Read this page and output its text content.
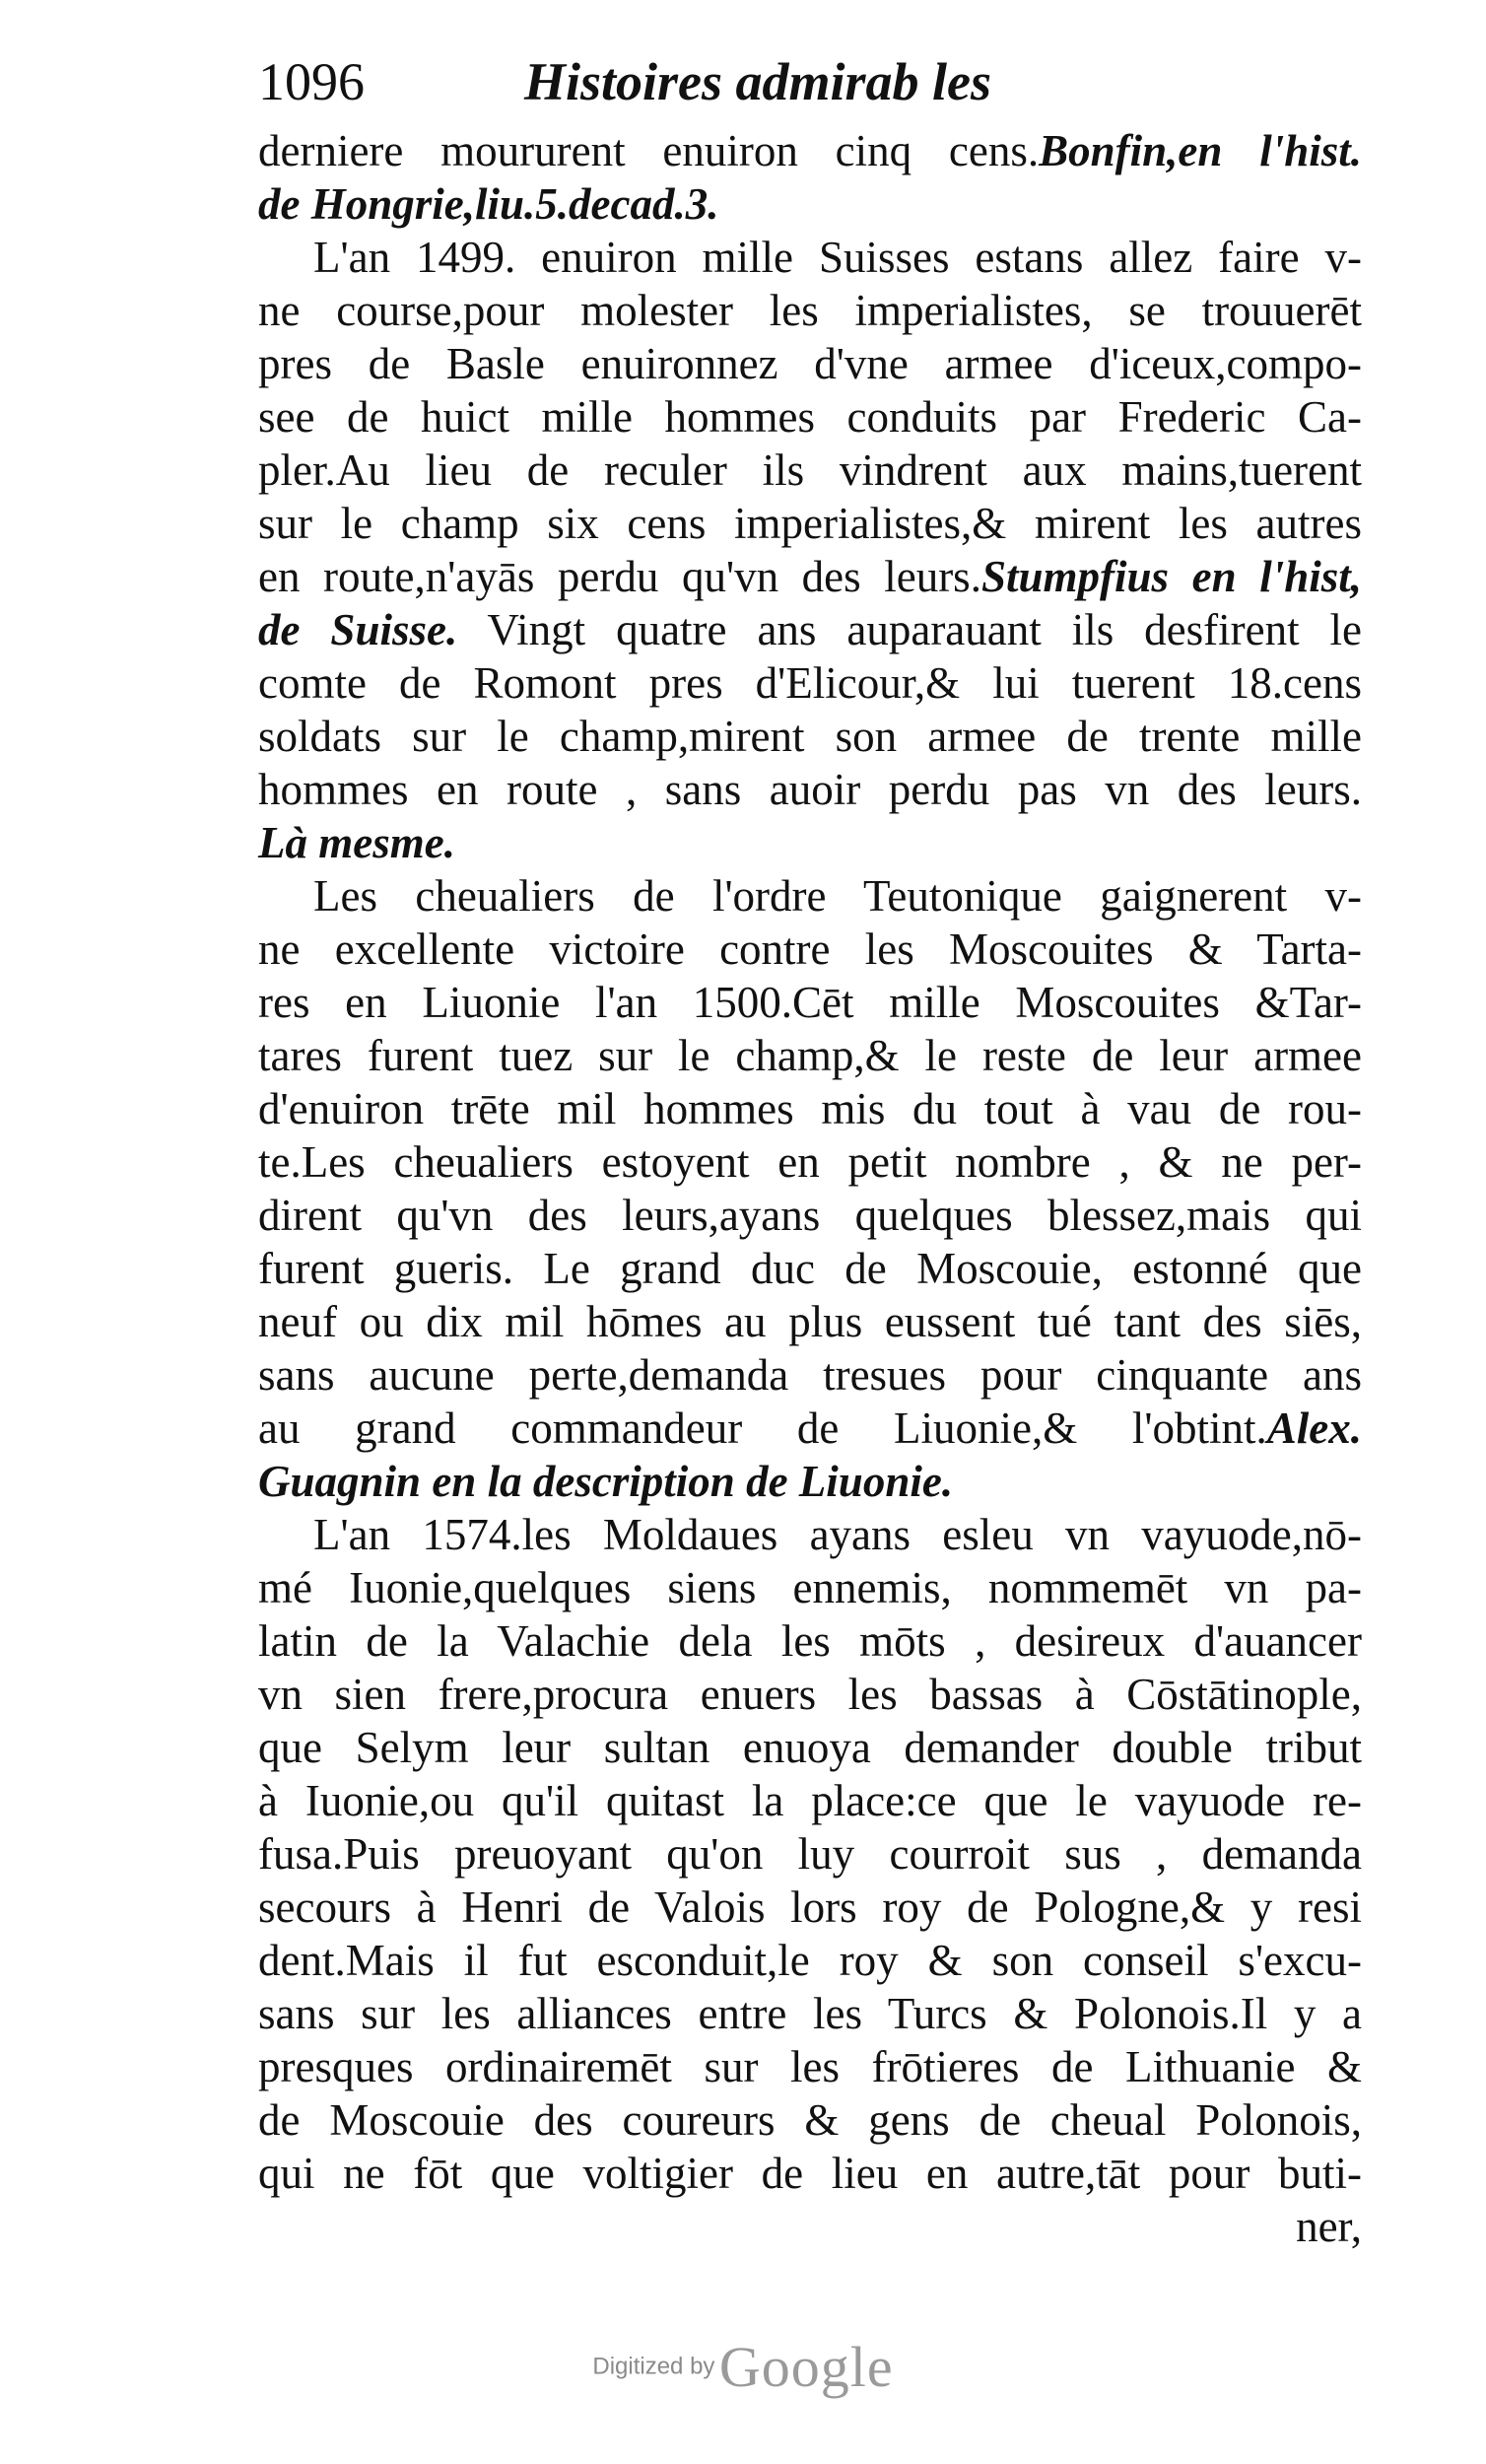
1096	Histoires admirab les
derniere moururent enuiron cinq cens.Bonfin,en l'hist.
de Hongrie,liu.5.decad.3.
L'an 1499. enuiron mille Suisses estans allez faire v-
ne course,pour molester les imperialistes, se trouuerēt
pres de Basle enuironnez d'vne armee d'iceux,compo-
see de huict mille hommes conduits par Frederic Ca-
pler.Au lieu de reculer ils vindrent aux mains,tuerent
sur le champ six cens imperialistes,& mirent les autres
en route,n'ayās perdu qu'vn des leurs.Stumpfius en l'hist,
de Suisse. Vingt quatre ans auparauant ils desfirent le
comte de Romont pres d'Elicour,& lui tuerent 18.cens
soldats sur le champ,mirent son armee de trente mille
hommes en route , sans auoir perdu pas vn des leurs.
Là mesme.
Les cheualiers de l'ordre Teutonique gaignerent v-
ne excellente victoire contre les Moscouites & Tarta-
res en Liuonie l'an 1500.Cēt mille Moscouites &Tar-
tares furent tuez sur le champ,& le reste de leur armee
d'enuiron trēte mil hommes mis du tout à vau de rou-
te.Les cheualiers estoyent en petit nombre , & ne per-
dirent qu'vn des leurs,ayans quelques blessez,mais qui
furent gueris. Le grand duc de Moscouie, estonné que
neuf ou dix mil hōmes au plus eussent tué tant des siēs,
sans aucune perte,demanda tresues pour cinquante ans
au grand commandeur de Liuonie,& l'obtint.Alex.
Guagnin en la description de Liuonie.
L'an 1574.les Moldaues ayans esleu vn vayuode,nō-
mé Iuonie,quelques siens ennemis, nommemēt vn pa-
latin de la Valachie dela les mōts , desireux d'auancer
vn sien frere,procura enuers les bassas à Cōstātinople,
que Selym leur sultan enuoya demander double tribut
à Iuonie,ou qu'il quitast la place:ce que le vayuode re-
fusa.Puis preuoyant qu'on luy courroit sus , demanda
secours à Henri de Valois lors roy de Pologne,& y resi
dent.Mais il fut esconduit,le roy & son conseil s'excu-
sans sur les alliances entre les Turcs & Polonois.Il y a
presques ordinairemēt sur les frōtieres de Lithuanie &
de Moscouie des coureurs & gens de cheual Polonois,
qui ne fōt que voltigier de lieu en autre,tāt pour buti-
ner,
Digitized by Google
